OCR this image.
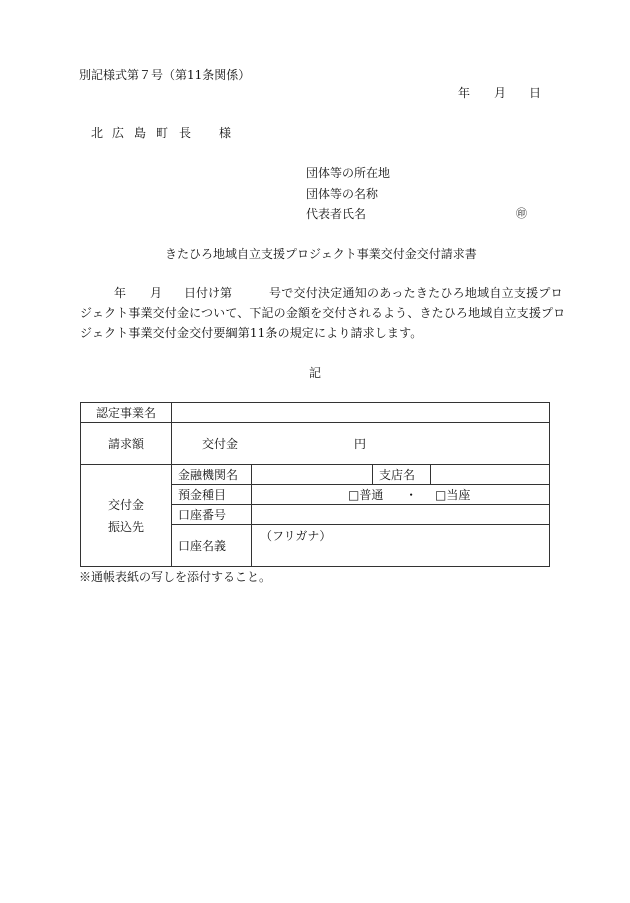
別記様式第７号（第11条関係）
年 月 日
北 広 島 町 長 様
団体等の所在地
団体等の名称
代表者氏名	㊞
きたひろ地域自立支援プロジェクト事業交付金交付請求書
年 月 日付け第	号で交付決定通知のあったきたひろ地域自立支援プロ
ジェクト事業交付金について、下記の金額を交付されるよう、きたひろ地域自立支援プロ
ジェクト事業交付金交付要綱第11条の規定により請求します。
記
認定事業名				
請求額	交付金 円			

交付金
振込先	金融機関名		支店名	
	預金種目	□普通 ・ □当座		
	口座番号			
	口座名義	（フリガナ）		
※通帳表紙の写しを添付すること。
